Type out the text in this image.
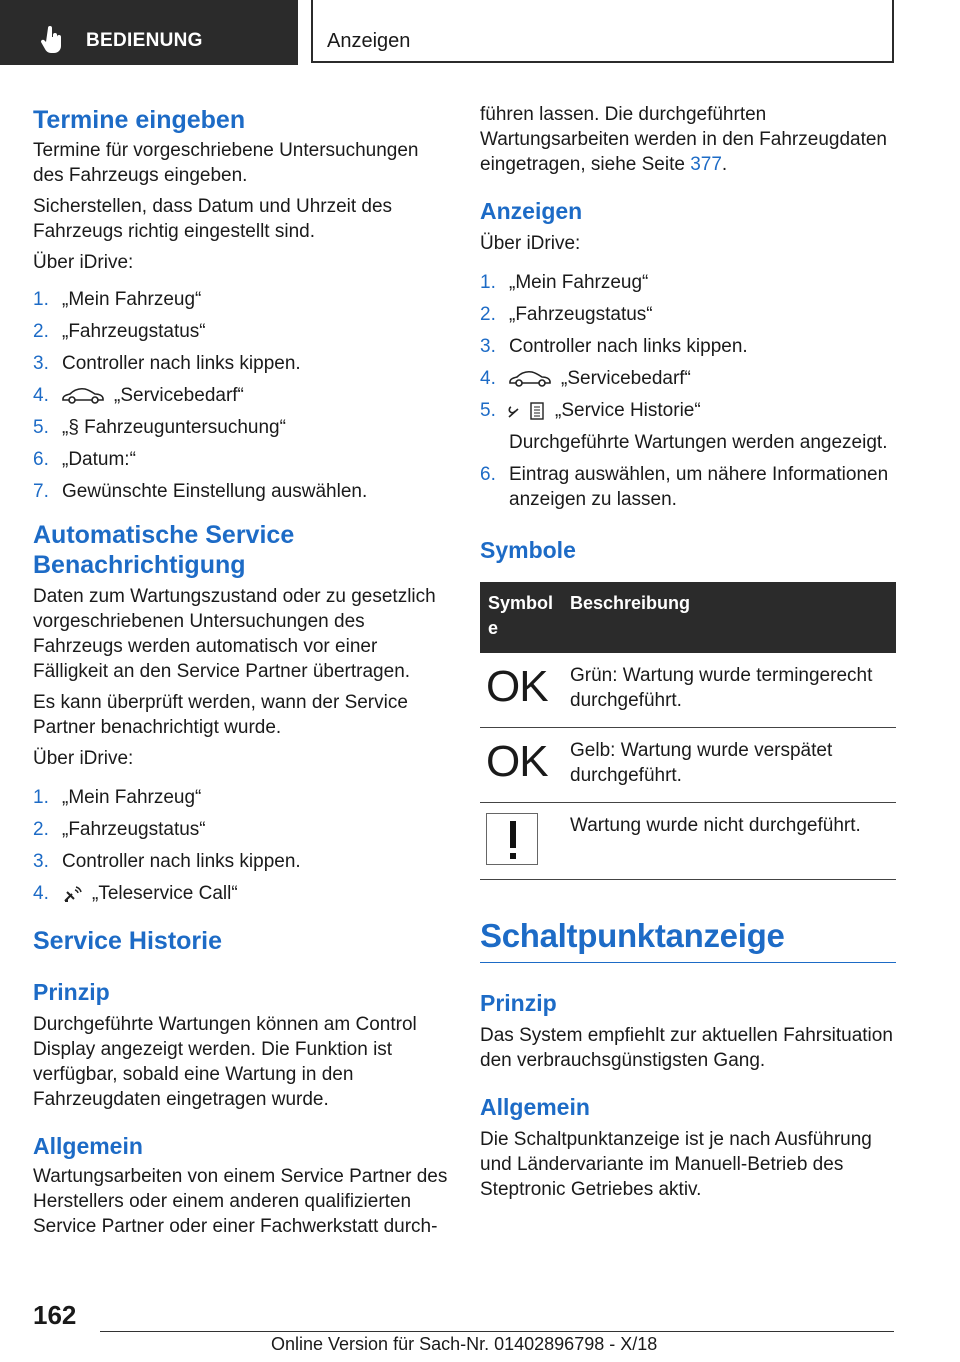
BEDIENUNG	Anzeigen
Termine eingeben

Termine für vorgeschriebene Untersuchungen des Fahrzeugs eingeben.

Sicherstellen, dass Datum und Uhrzeit des Fahrzeugs richtig eingestellt sind.

Über iDrive:

1. „Mein Fahrzeug“
2. „Fahrzeugstatus“
3. Controller nach links kippen.
4.	„Servicebedarf“
5. „§ Fahrzeuguntersuchung“
6. „Datum:“
7. Gewünschte Einstellung auswählen.
Automatische Service Benachrichtigung

Daten zum Wartungszustand oder zu gesetzlich vorgeschriebenen Untersuchungen des Fahrzeugs werden automatisch vor einer Fälligkeit an den Service Partner übertragen.

Es kann überprüft werden, wann der Service Partner benachrichtigt wurde.

Über iDrive:

1. „Mein Fahrzeug“
2. „Fahrzeugstatus“
3. Controller nach links kippen.
4. „Teleservice Call“
Service Historie
Prinzip

Durchgeführte Wartungen können am Control Display angezeigt werden. Die Funktion ist verfügbar, sobald eine Wartung in den Fahrzeugdaten eingetragen wurde.

Allgemein

Wartungsarbeiten von einem Service Partner des Herstellers oder einem anderen qualifizierten Service Partner oder einer Fachwerkstatt durch-

führen lassen. Die durchgeführten Wartungsarbeiten werden in den Fahrzeugdaten eingetragen, siehe Seite 377.

Anzeigen

Über iDrive:

1. „Mein Fahrzeug“
2. „Fahrzeugstatus“
3. Controller nach links kippen.
4.	„Servicebedarf“
5.	„Service Historie“
Durchgeführte Wartungen werden angezeigt.
6. Eintrag auswählen, um nähere Informationen anzeigen zu lassen.
Symbole
Symbole	Beschreibung
OK	Grün: Wartung wurde termingerecht durchgeführt.
OK	Gelb: Wartung wurde verspätet durchgeführt.

	Wartung wurde nicht durchgeführt.
Schaltpunktanzeige
Prinzip

Das System empfiehlt zur aktuellen Fahrsituation den verbrauchsgünstigsten Gang.

Allgemein

Die Schaltpunktanzeige ist je nach Ausführung und Ländervariante im Manuell-Betrieb des Steptronic Getriebes aktiv.

162
Online Version für Sach-Nr. 01402896798 - X/18
